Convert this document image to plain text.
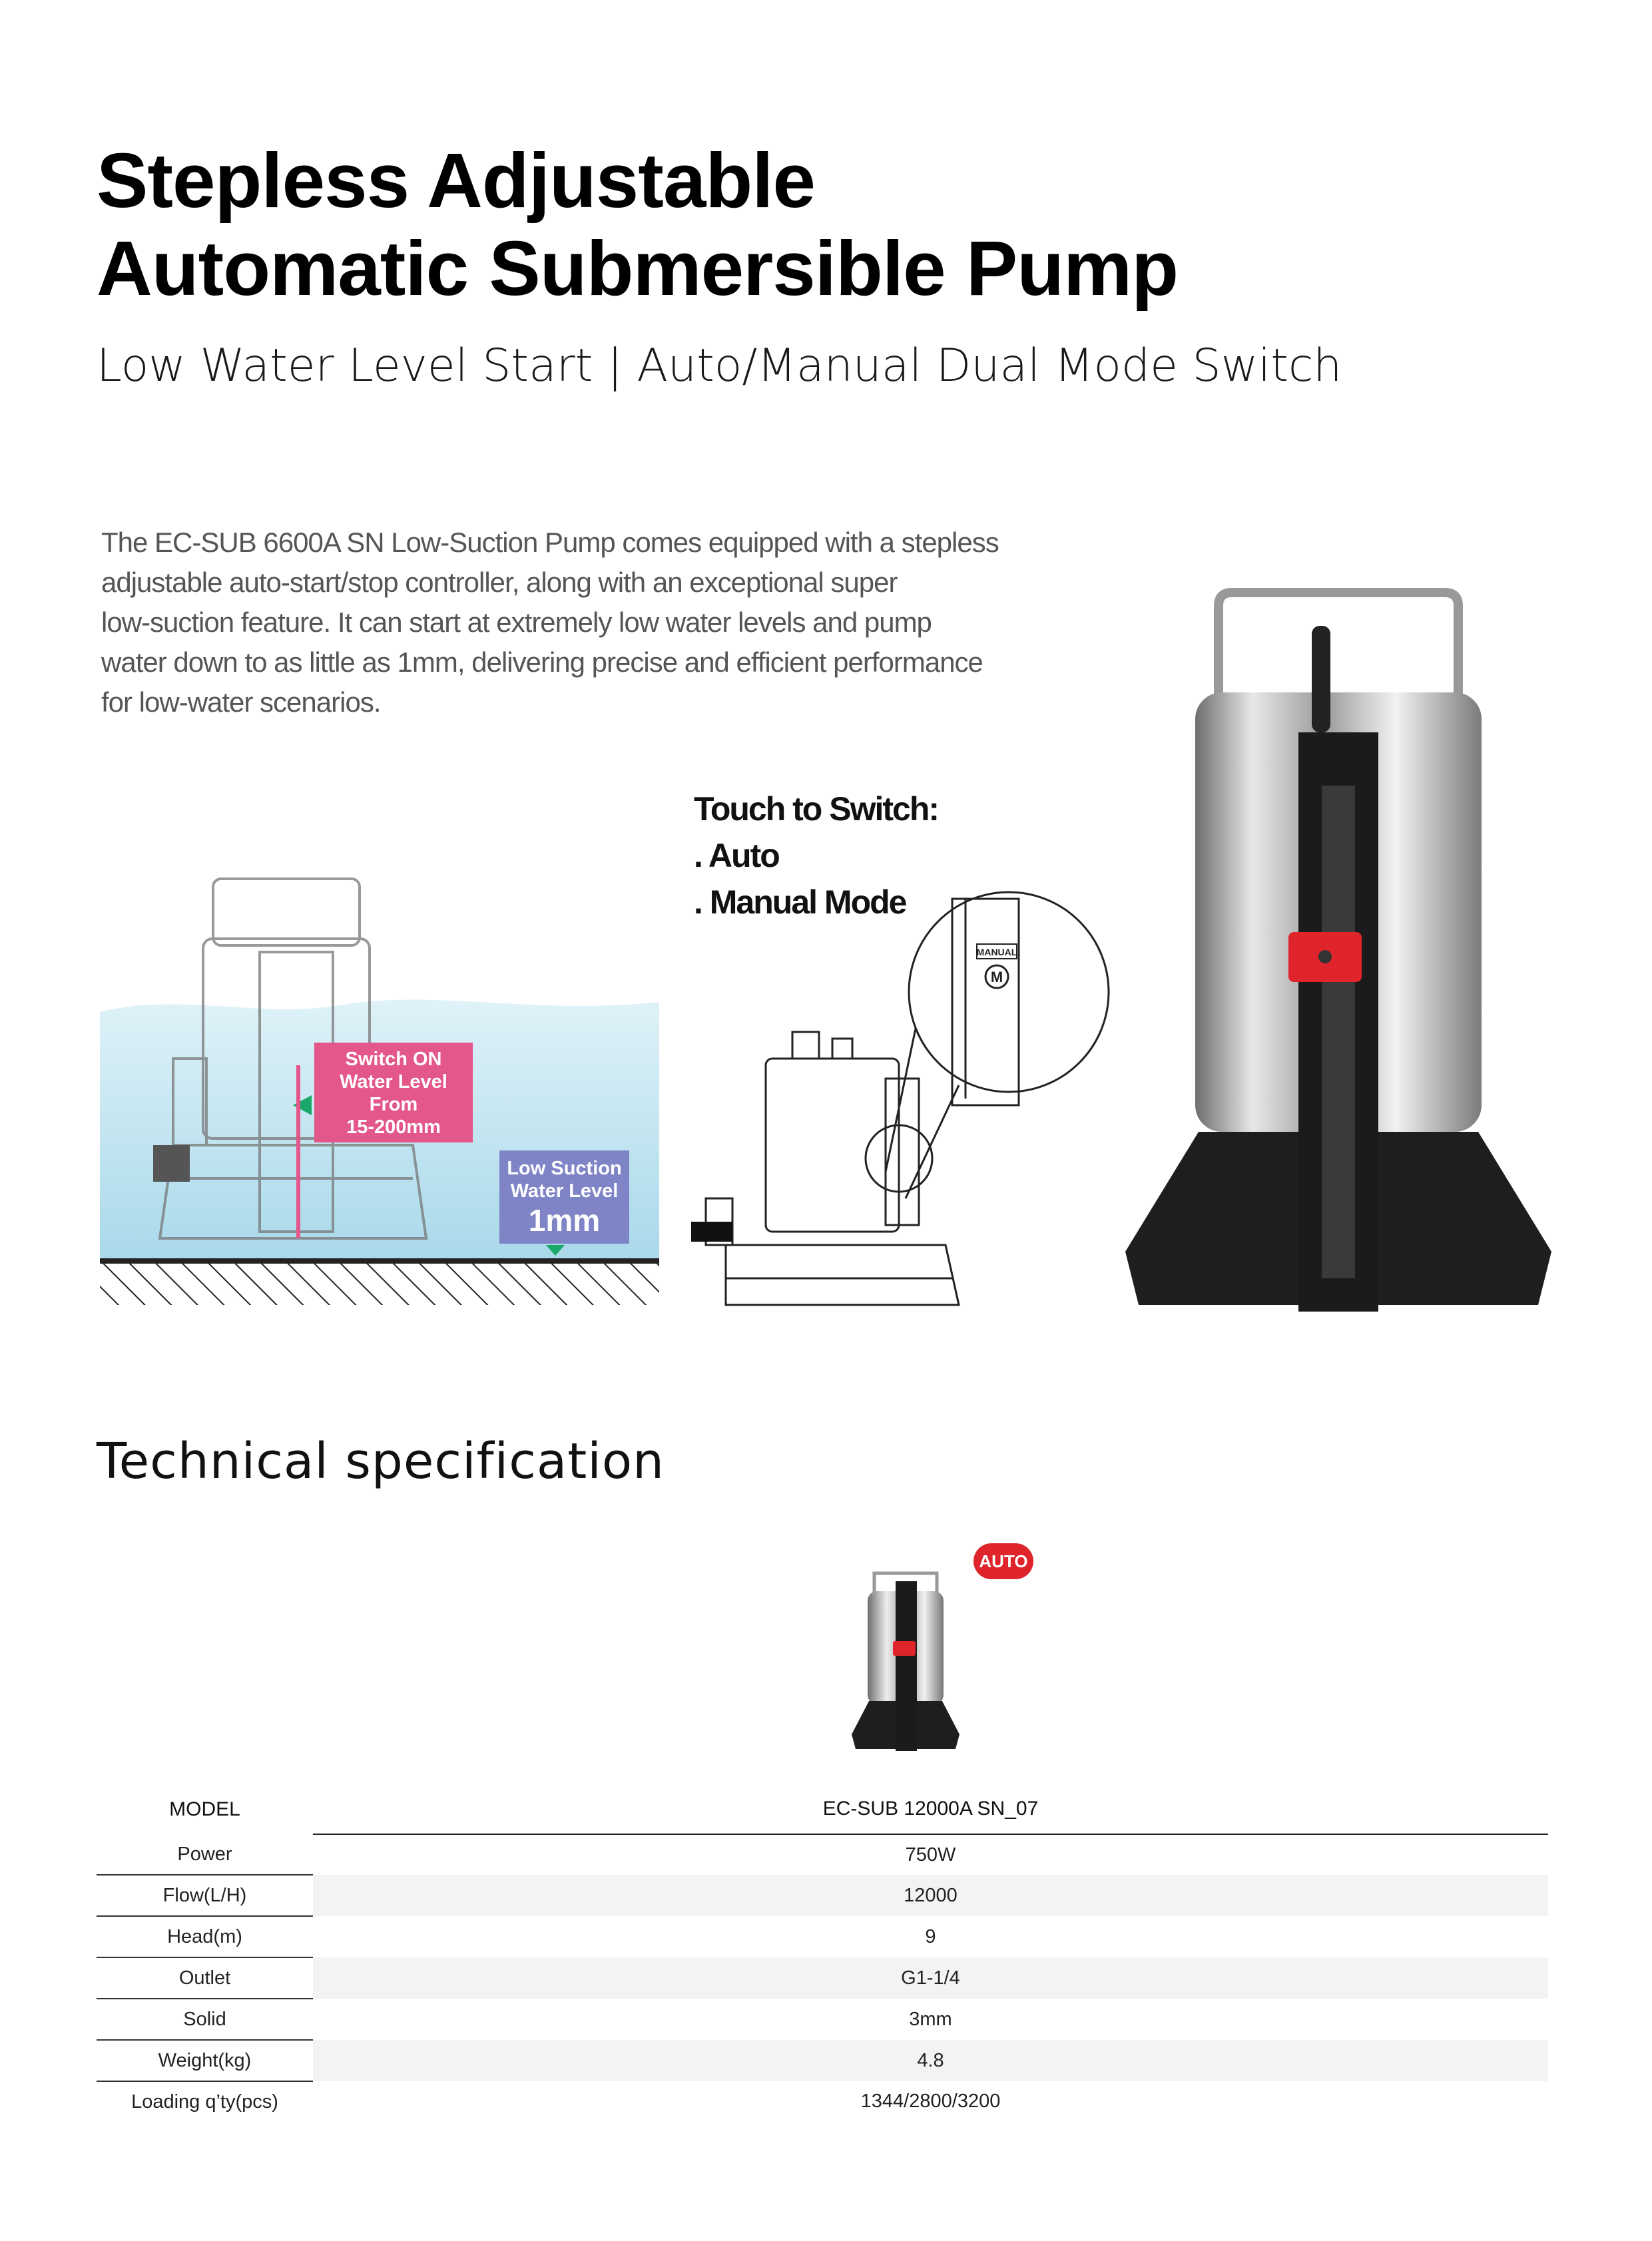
Stepless Adjustable
Automatic Submersible Pump
Low Water Level Start | Auto/Manual Dual Mode Switch
The EC-SUB 6600A SN Low-Suction Pump comes equipped with a stepless
adjustable auto-start/stop controller, along with an exceptional super
low-suction feature. It can start at extremely low water levels and pump
water down to as little as 1mm, delivering precise and efficient performance
for low-water scenarios.
Switch ON
Water Level
From
15-200mm
Low Suction
Water Level
1mm
Touch to Switch:
. Auto
. Manual Mode
MANUAL
M
Technical specification
AUTO
MODEL	EC-SUB 12000A SN_07
Power	750W
Flow(L/H)	12000
Head(m)	9
Outlet	G1-1/4
Solid	3mm
Weight(kg)	4.8
Loading q’ty(pcs)	1344/2800/3200
